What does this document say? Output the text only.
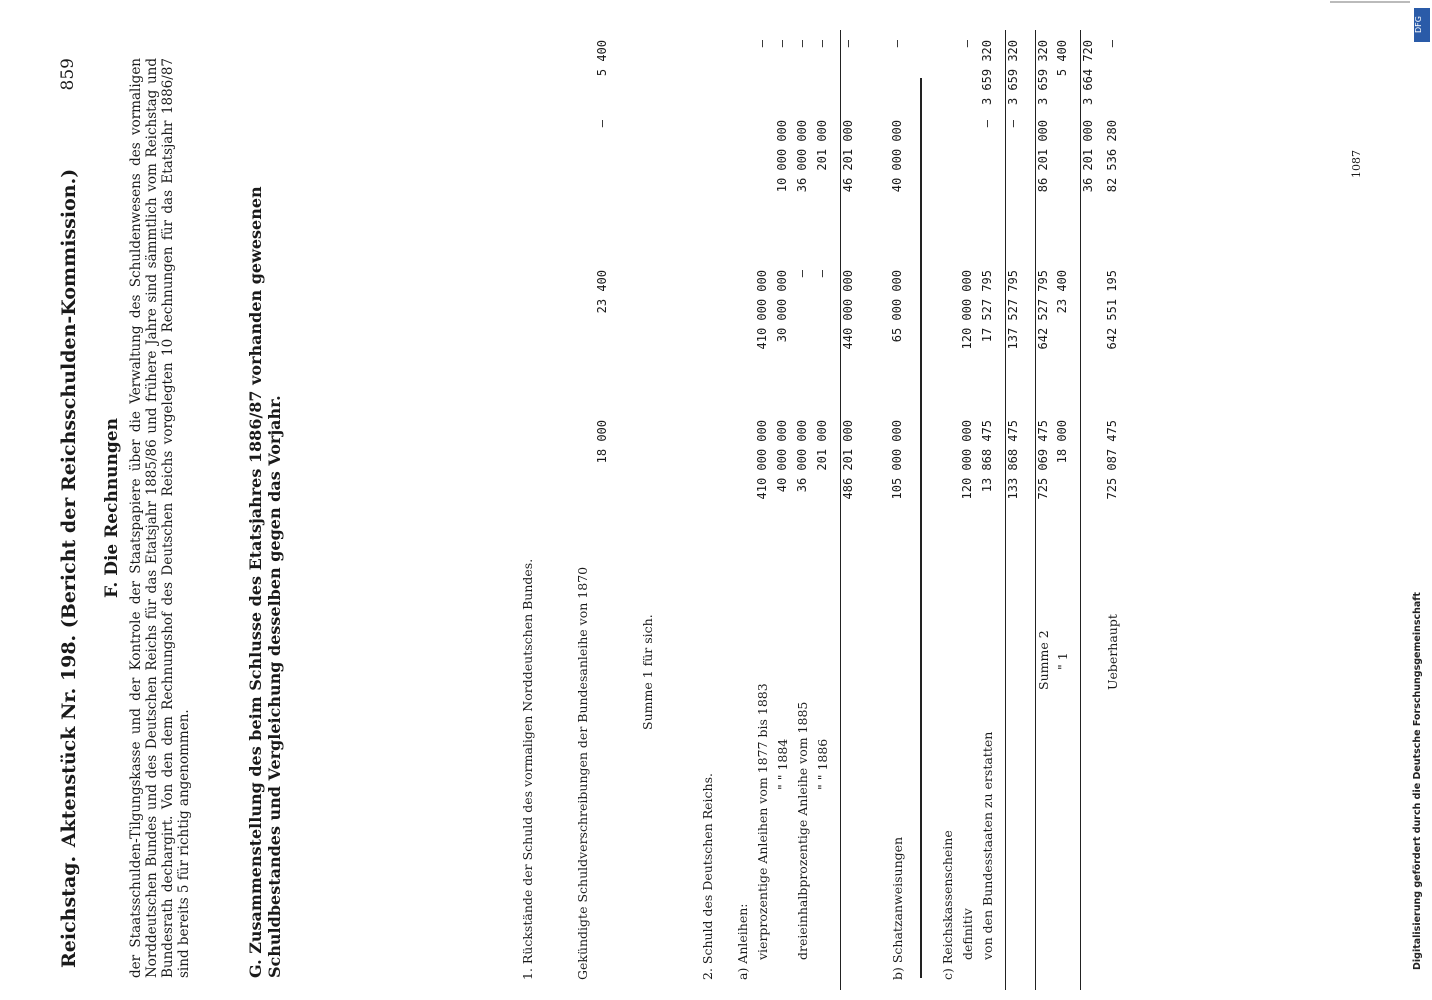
Reichstag.
Aktenstück Nr. 198. (Bericht der Reichsschulden-Kommission.)
859
F. Die Rechnungen der Staatsschulden-Tilgungskasse und der Kontrole der Staatspapiere über die Verwaltung des Schuldenwesens des vormaligen Norddeutschen Bundes und des Deutschen Reichs für das Etatsjahr 1885/86 und frühere Jahre sind sämmtlich vom Reichstag und Bundesrath dechargirt. Von den dem Rechnungshof des Deutschen Reichs vorgelegten 10 Rechnungen für das Etatsjahr 1886/87 sind bereits 5 für richtig angenommen.	G. Zusammenstellung des beim Schlusse des Etatsjahres 1886/87 vorhanden gewesenen Schuldbestandes und Vergleichung desselben gegen das Vorjahr.
1087
DFG
Digitalisierung gefördert durch die Deutsche Forschungsgemeinschaft
1. Rückstände der Schuld des vormaligen Norddeutschen Bundes.	Gekündigte Schuldverschreibungen der Bundesanleihe von 1870
18 000
23 400
—
5 400
Summe 1 für sich.
2. Schuld des Deutschen Reichs. a) Anleihen: vierprozentige Anleihen vom 1877 bis 1883
410 000 000
410 000 000
—
" " 1884
40 000 000
30 000 000
10 000 000
—
dreieinhalbprozentige Anleihe vom 1885
36 000 000
—
36 000 000
—
" " 1886
201 000
—
201 000
—
486 201 000
440 000 000
46 201 000
—
b) Schatzanweisungen
105 000 000
65 000 000
40 000 000
—
c) Reichskassenscheine definitiv
120 000 000
120 000 000
—
von den Bundesstaaten zu erstatten
13 868 475
17 527 795
—
3 659 320
133 868 475
137 527 795
—
3 659 320
Summe 2
725 069 475
642 527 795
86 201 000
3 659 320
" 1
18 000
23 400
5 400
36 201 000
3 664 720
Ueberhaupt
725 087 475
642 551 195
82 536 280
—
